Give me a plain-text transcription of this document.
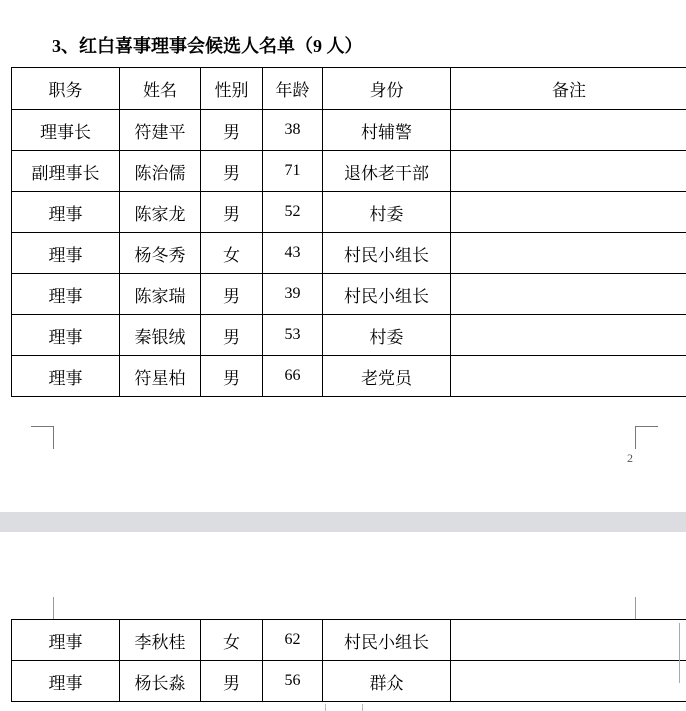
3、红白喜事理事会候选人名单（9 人）
职务	姓名	性别	年龄	身份	备注
理事长	符建平	男	38	村辅警	
副理事长	陈治儒	男	71	退休老干部	
理事	陈家龙	男	52	村委	
理事	杨冬秀	女	43	村民小组长	
理事	陈家瑞	男	39	村民小组长	
理事	秦银绒	男	53	村委	
理事	符星柏	男	66	老党员	
2
理事	李秋桂	女	62	村民小组长	
理事	杨长淼	男	56	群众	
